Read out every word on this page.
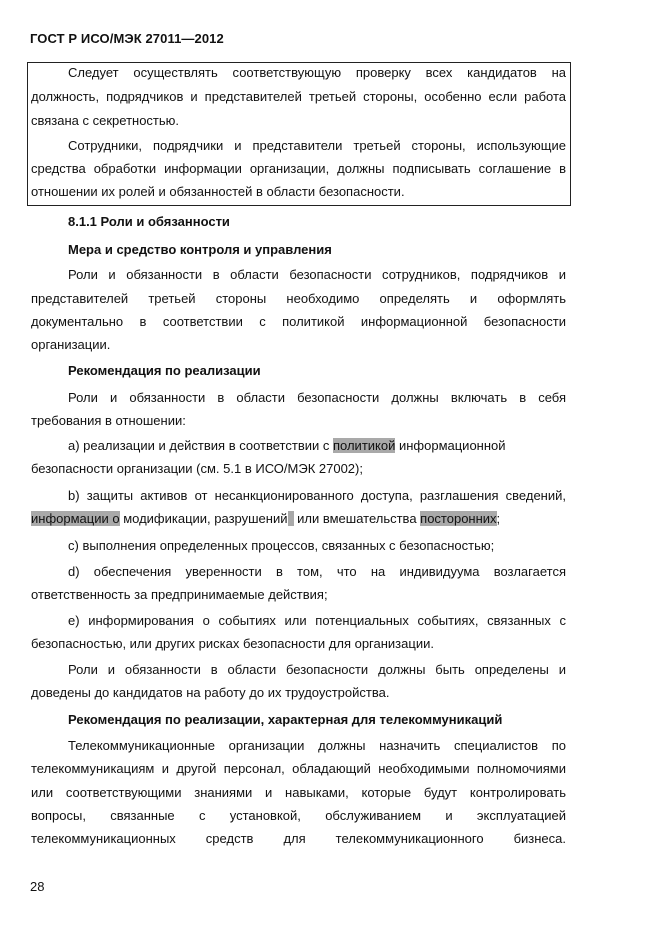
ГОСТ Р ИСО/МЭК 27011—2012
Следует осуществлять соответствующую проверку всех кандидатов на
должность, подрядчиков и представителей третьей стороны, особенно если работа
связана с секретностью.
Сотрудники, подрядчики и представители третьей стороны, использующие
средства обработки информации организации, должны подписывать соглашение в
отношении их ролей и обязанностей в области безопасности.
8.1.1 Роли и обязанности
Мера и средство контроля и управления
Роли и обязанности в области безопасности сотрудников, подрядчиков и
представителей третьей стороны необходимо определять и оформлять
документально в соответствии с политикой информационной безопасности
организации.
Рекомендация по реализации
Роли и обязанности в области безопасности должны включать в себя
требования в отношении:
а) реализации и действия в соответствии с политикой информационной
безопасности организации (см. 5.1 в ИСО/МЭК 27002);
b) защиты активов от несанкционированного доступа, разглашения сведений,
информации о модификации, разрушений или вмешательства посторонних;
с) выполнения определенных процессов, связанных с безопасностью;
d) обеспечения уверенности в том, что на индивидуума возлагается
ответственность за предпринимаемые действия;
е) информирования о событиях или потенциальных событиях, связанных с
безопасностью, или других рисках безопасности для организации.
Роли и обязанности в области безопасности должны быть определены и
доведены до кандидатов на работу до их трудоустройства.
Рекомендация по реализации, характерная для телекоммуникаций
Телекоммуникационные организации должны назначить специалистов по
телекоммуникациям и другой персонал, обладающий необходимыми полномочиями
или соответствующими знаниями и навыками, которые будут контролировать
вопросы, связанные с установкой, обслуживанием и эксплуатацией
телекоммуникационных средств для телекоммуникационного бизнеса.
28
